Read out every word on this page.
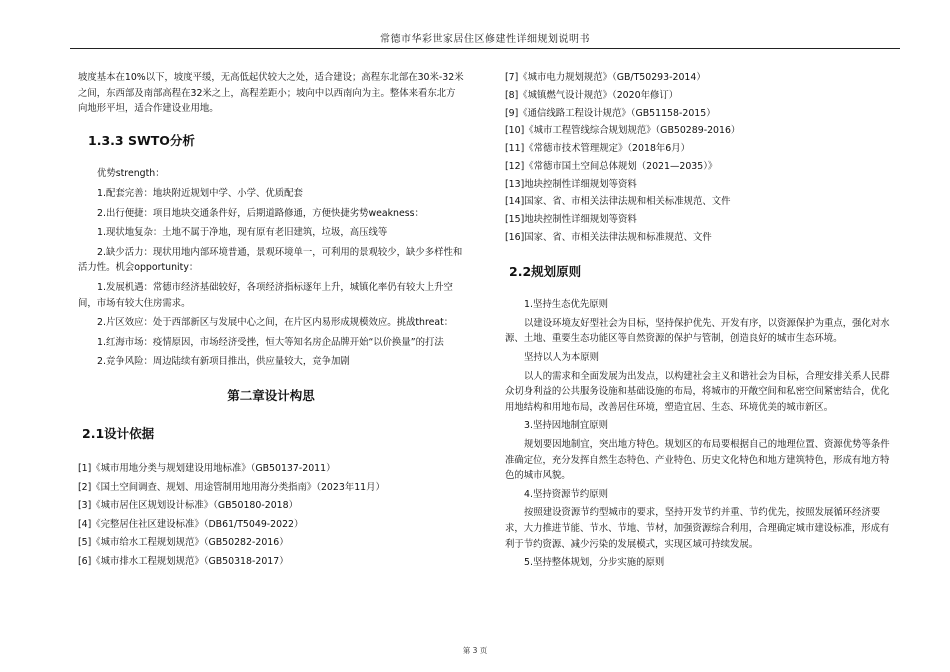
常德市华彩世家居住区修建性详细规划说明书

坡度基本在10%以下，坡度平缓，无高低起伏较大之处，适合建设；高程东北部在30米-32米之间，东西部及南部高程在32米之上，高程差距小；坡向中以西南向为主。整体来看东北方向地形平坦，适合作建设业用地。

1.3.3 SWTO分析

优势strength：

1.配套完善：地块附近规划中学、小学、优质配套

2.出行便捷：项目地块交通条件好，后期道路修通，方便快捷劣势weakness：

1.现状地复杂：土地不属于净地，现有原有老旧建筑，垃圾，高压线等

2.缺少活力：现状用地内部环境普通，景观环境单一，可利用的景观较少，缺少多样性和活力性。机会opportunity：

1.发展机遇：常德市经济基础较好，各项经济指标逐年上升，城镇化率仍有较大上升空间，市场有较大住房需求。

2.片区效应：处于西部新区与发展中心之间，在片区内易形成规模效应。挑战threat：

1.红海市场：疫情原因，市场经济受挫，恒大等知名房企品牌开始“以价换量”的打法

2.竞争风险：周边陆续有新项目推出，供应量较大，竞争加剧

第二章设计构思

2.1设计依据

[1]《城市用地分类与规划建设用地标准》（GB50137-2011）

[2]《国土空间调查、规划、用途管制用地用海分类指南》（2023年11月）

[3]《城市居住区规划设计标准》（GB50180-2018）

[4]《完整居住社区建设标准》（DB61/T5049-2022）

[5]《城市给水工程规划规范》（GB50282-2016）

[6]《城市排水工程规划规范》（GB50318-2017）

[7]《城市电力规划规范》（GB/T50293-2014）

[8]《城镇燃气设计规范》（2020年修订）

[9]《通信线路工程设计规范》（GB51158-2015）

[10]《城市工程管线综合规划规范》（GB50289-2016）

[11]《常德市技术管理规定》（2018年6月）

[12]《常德市国土空间总体规划（2021—2035）》

[13]地块控制性详细规划等资料

[14]国家、省、市相关法律法规和相关标准规范、文件

[15]地块控制性详细规划等资料

[16]国家、省、市相关法律法规和标准规范、文件

2.2规划原则

1.坚持生态优先原则

以建设环境友好型社会为目标，坚持保护优先、开发有序，以资源保护为重点，强化对水源、土地、重要生态功能区等自然资源的保护与管制，创造良好的城市生态环境。

坚持以人为本原则

以人的需求和全面发展为出发点，以构建社会主义和谐社会为目标，合理安排关系人民群众切身利益的公共服务设施和基础设施的布局，将城市的开敞空间和私密空间紧密结合，优化用地结构和用地布局，改善居住环境，塑造宜居、生态、环境优美的城市新区。

3.坚持因地制宜原则

规划要因地制宜，突出地方特色。规划区的布局要根据自己的地理位置、资源优势等条件准确定位，充分发挥自然生态特色、产业特色、历史文化特色和地方建筑特色，形成有地方特色的城市风貌。

4.坚持资源节约原则

按照建设资源节约型城市的要求，坚持开发节约并重、节约优先，按照发展循环经济要求，大力推进节能、节水、节地、节材，加强资源综合利用，合理确定城市建设标准，形成有利于节约资源、减少污染的发展模式，实现区域可持续发展。

5.坚持整体规划，分步实施的原则

第 3 页
